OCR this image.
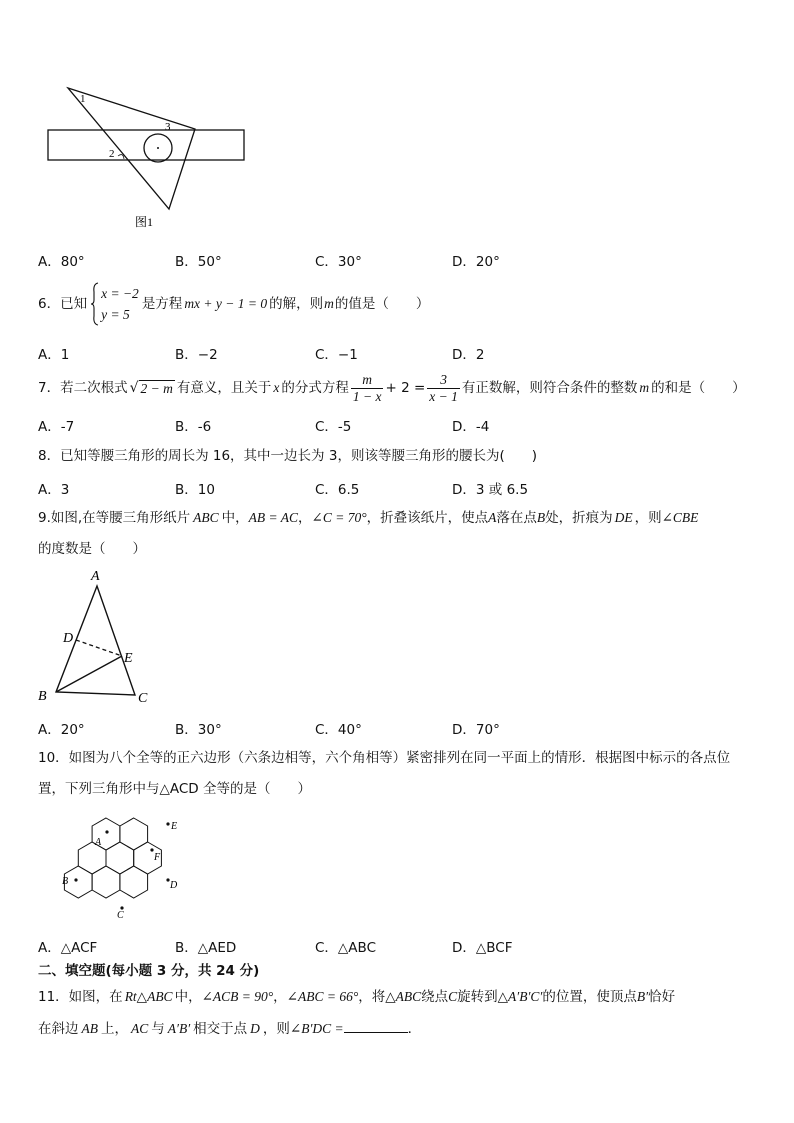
1
2
3
图1
A．80°	B．50°	C．30°	D．20°
6．已知
x = −2
y = 5
是方程 mx + y − 1 = 0 的解，则 m 的值是（　　）
A．1	B．−2	C．−1	D．2
7．若二次根式 √ 2 − m 有意义，且关于 x 的分式方程 $\frac{m}{1 - x} + 2 = \frac{3}{x - 1}$ 有正数解，则符合条件的整数 m 的和是（　　）
A．-7	B．-6	C．-5	D．-4
8．已知等腰三角形的周长为 16，其中一边长为 3，则该等腰三角形的腰长为(　　)
A．3	B．10	C．6.5	D．3 或 6.5
9.如图,在等腰三角形纸片 ABC 中，AB = AC，∠C = 70°，折叠该纸片，使点A落在点B处，折痕为 DE ，则∠CBE
的度数是（　　）
A
D
E
B	C
A．20°	B．30°	C．40°	D．70°
10．如图为八个全等的正六边形（六条边相等，六个角相等）紧密排列在同一平面上的情形．根据图中标示的各点位
置，下列三角形中与△ACD 全等的是（　　）
A
E
F
B	D
C
A．△ACF	B．△AED	C．△ABC	D．△BCF
二、填空题(每小题 3 分，共 24 分)
11．如图，在 Rt△ABC 中，∠ACB = 90°，∠ABC = 66°，将△ABC绕点C旋转到△A′B′C′的位置，使顶点B′恰好
在斜边 AB 上， AC 与 A′B′ 相交于点 D ，则∠B′DC =	．
